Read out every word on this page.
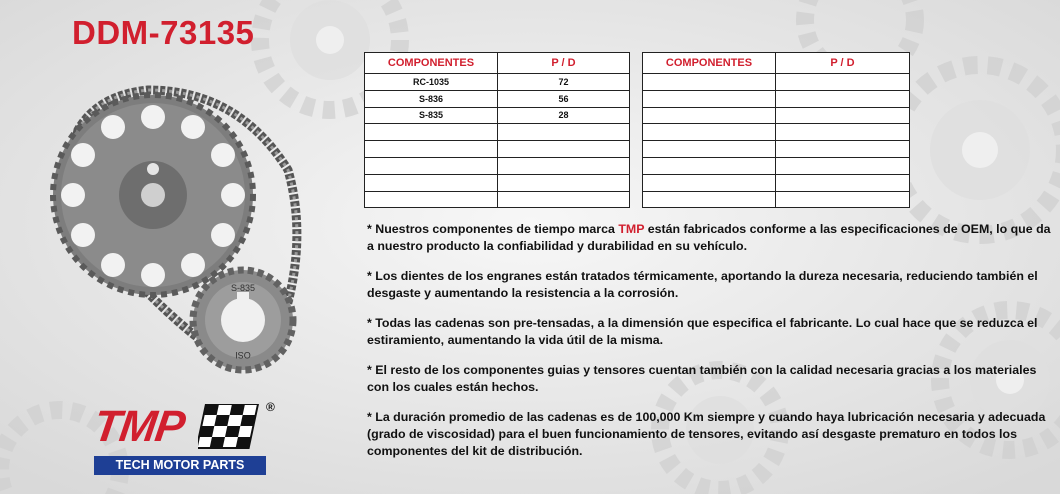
DDM-73135
S-835
OSI
COMPONENTES	P / D
RC-1035	72
S-836	56
S-835	28

COMPONENTES	P / D

* Nuestros componentes de tiempo marca TMP están fabricados conforme a las especificaciones de OEM, lo que da a nuestro producto la confiabilidad y durabilidad en su vehículo.

* Los dientes de los engranes están tratados térmicamente, aportando la dureza necesaria, reduciendo también el desgaste y aumentando la resistencia a la corrosión.

* Todas las cadenas son pre-tensadas, a la dimensión que especifica el fabricante. Lo cual hace que se reduzca el estiramiento, aumentando la vida útil de la misma.

* El resto de los componentes guias y tensores cuentan también con la calidad necesaria gracias a los materiales con los cuales están hechos.

* La duración promedio de las cadenas es de 100,000 Km siempre y cuando haya lubricación necesaria y adecuada (grado de viscosidad) para el buen funcionamiento de tensores, evitando así desgaste prematuro en todos los componentes del kit de distribución.

TMP	®
TECH MOTOR PARTS
